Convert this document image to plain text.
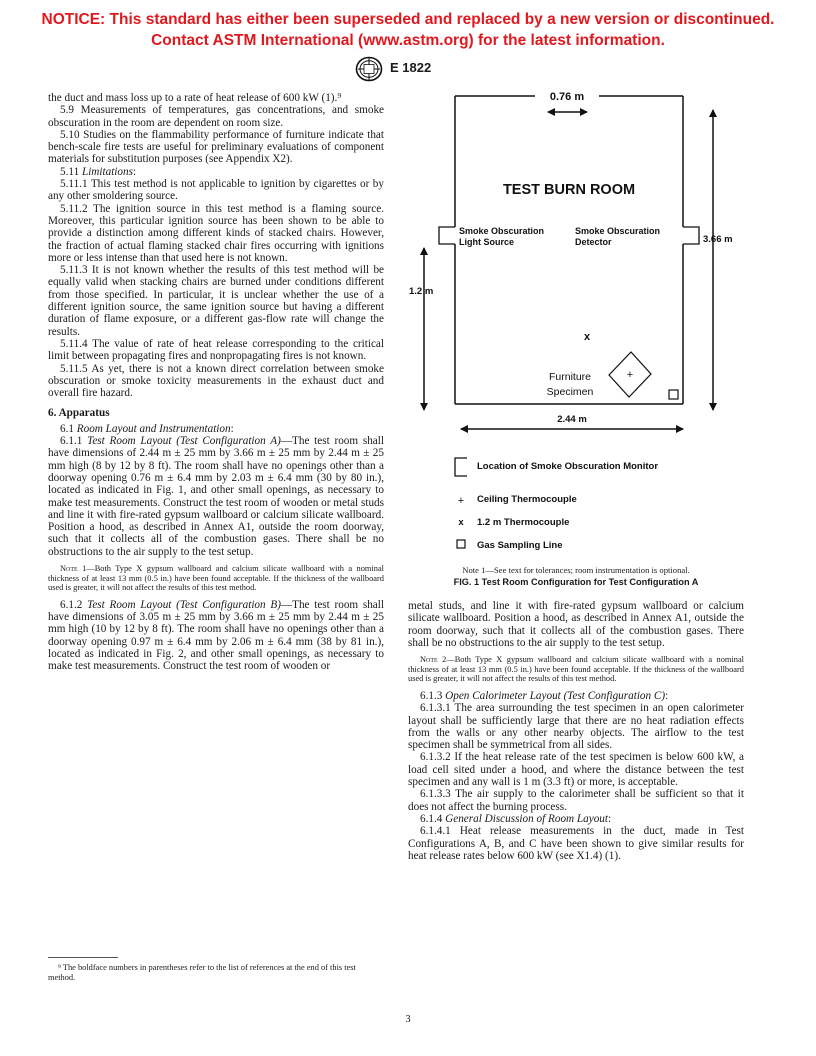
NOTICE: This standard has either been superseded and replaced by a new version or discontinued.
Contact ASTM International (www.astm.org) for the latest information.
E 1822

the duct and mass loss up to a rate of heat release of 600 kW (1).⁹

5.9 Measurements of temperatures, gas concentrations, and smoke obscuration in the room are dependent on room size.

5.10 Studies on the flammability performance of furniture indicate that bench-scale fire tests are useful for preliminary evaluations of component materials for substitution purposes (see Appendix X2).

5.11 Limitations:

5.11.1 This test method is not applicable to ignition by cigarettes or by any other smoldering source.

5.11.2 The ignition source in this test method is a flaming source. Moreover, this particular ignition source has been shown to be able to provide a distinction among different kinds of stacked chairs. However, the fraction of actual flaming stacked chair fires occurring with ignitions more or less intense than that used here is not known.

5.11.3 It is not known whether the results of this test method will be equally valid when stacking chairs are burned under conditions different from those specified. In particular, it is unclear whether the use of a different ignition source, the same ignition source but having a different duration of flame exposure, or a different gas-flow rate will change the results.

5.11.4 The value of rate of heat release corresponding to the critical limit between propagating fires and nonpropagating fires is not known.

5.11.5 As yet, there is not a known direct correlation between smoke obscuration or smoke toxicity measurements in the exhaust duct and overall fire hazard.

6. Apparatus

6.1 Room Layout and Instrumentation:

6.1.1 Test Room Layout (Test Configuration A)—The test room shall have dimensions of 2.44 m ± 25 mm by 3.66 m ± 25 mm by 2.44 m ± 25 mm high (8 by 12 by 8 ft). The room shall have no openings other than a doorway opening 0.76 m ± 6.4 mm by 2.03 m ± 6.4 mm (30 by 80 in.), located as indicated in Fig. 1, and other small openings, as necessary to make test measurements. Construct the test room of wooden or metal studs and line it with fire-rated gypsum wallboard or calcium silicate wallboard. Position a hood, as described in Annex A1, outside the room doorway, such that it collects all of the combustion gases. There shall be no obstructions to the air supply to the test setup.

Note 1—Both Type X gypsum wallboard and calcium silicate wallboard with a nominal thickness of at least 13 mm (0.5 in.) have been found acceptable. If the thickness of the wallboard used is greater, it will not affect the results of this test method.

6.1.2 Test Room Layout (Test Configuration B)—The test room shall have dimensions of 3.05 m ± 25 mm by 3.66 m ± 25 mm by 2.44 m ± 25 mm high (10 by 12 by 8 ft). The room shall have no openings other than a doorway opening 0.97 m ± 6.4 mm by 2.06 m ± 6.4 mm (38 by 81 in.), located as indicated in Fig. 2, and other small openings, as necessary to make test measurements. Construct the test room of wooden or

⁹ The boldface numbers in parentheses refer to the list of references at the end of this test method.
0.76 m
TEST BURN ROOM
Smoke Obscuration
Light Source
Smoke Obscuration
Detector	3.66 m
1.2 m
x
Furniture
Specimen
+
2.44 m
Location of Smoke Obscuration Monitor
+ Ceiling Thermocouple
x 1.2 m Thermocouple
Gas Sampling Line
Note 1—See text for tolerances; room instrumentation is optional.
FIG. 1 Test Room Configuration for Test Configuration A

metal studs, and line it with fire-rated gypsum wallboard or calcium silicate wallboard. Position a hood, as described in Annex A1, outside the room doorway, such that it collects all of the combustion gases. There shall be no obstructions to the air supply to the test setup.

Note 2—Both Type X gypsum wallboard and calcium silicate wallboard with a nominal thickness of at least 13 mm (0.5 in.) have been found acceptable. If the thickness of the wallboard used is greater, it will not affect the results of this test method.

6.1.3 Open Calorimeter Layout (Test Configuration C):

6.1.3.1 The area surrounding the test specimen in an open calorimeter layout shall be sufficiently large that there are no heat radiation effects from the walls or any other nearby objects. The airflow to the test specimen shall be symmetrical from all sides.

6.1.3.2 If the heat release rate of the test specimen is below 600 kW, a load cell sited under a hood, and where the distance between the test specimen and any wall is 1 m (3.3 ft) or more, is acceptable.

6.1.3.3 The air supply to the calorimeter shall be sufficient so that it does not affect the burning process.

6.1.4 General Discussion of Room Layout:

6.1.4.1 Heat release measurements in the duct, made in Test Configurations A, B, and C have been shown to give similar results for heat release rates below 600 kW (see X1.4) (1).

3
